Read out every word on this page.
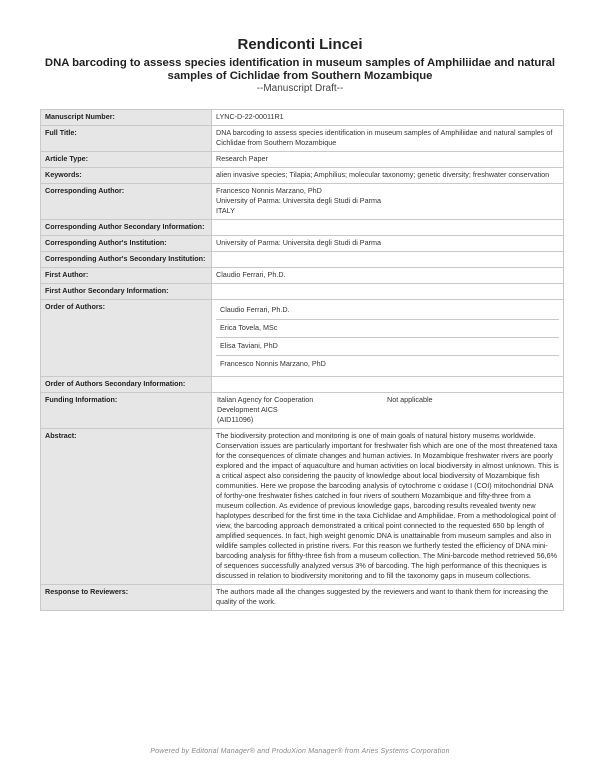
Rendiconti Lincei
DNA barcoding to assess species identification in museum samples of Amphiliidae and natural samples of Cichlidae from Southern Mozambique
--Manuscript Draft--
Manuscript Number:	LYNC-D-22-00011R1
Full Title:	DNA barcoding to assess species identification in museum samples of Amphiliidae and natural samples of Cichlidae from Southern Mozambique
Article Type:	Research Paper
Keywords:	alien invasive species; Tilapia; Amphilius; molecular taxonomy; genetic diversity; freshwater conservation
Corresponding Author:	Francesco Nonnis Marzano, PhD
University of Parma: Universita degli Studi di Parma
ITALY

Corresponding Author Secondary Information:	
Corresponding Author's Institution:	University of Parma: Universita degli Studi di Parma
Corresponding Author's Secondary Institution:	
First Author:	Claudio Ferrari, Ph.D.
First Author Secondary Information:	
Order of Authors:	Claudio Ferrari, Ph.D.
Erica Tovela, MSc
Elisa Taviani, PhD
Francesco Nonnis Marzano, PhD

Order of Authors Secondary Information:	
Funding Information:		Italian Agency for Cooperation Development AICS
(AID11096)
	Not applicable

Abstract:	The biodiversity protection and monitoring is one of main goals of natural history musems worldwide. Conservation issues are particularly important for freshwater fish which are one of the most threatened taxa for the consequences of climate changes and human activies. In Mozambique freshwater rivers are poorly explored and the impact of aquaculture and human activities on local biodiversity in almost unknown. This is a critical aspect also considering the paucity of knowledge about local biodiversity of Mozambique fish communities. Here we propose the barcoding analysis of cytochrome c oxidase I (COI) mitochondrial DNA of forthy-one freshwater fishes catched in four rivers of southern Mozambique and fifty-three from a museum collection. As evidence of previous knowledge gaps, barcoding results revealed twenty new haplotypes described for the first time in the taxa Cichlidae and Amphilidae. From a methodological point of view, the barcoding approach demonstrated a critical point connected to the requested 650 bp length of amplified sequences. In fact, high weight genomic DNA is unattainable from museum samples and also in wildlife samples collected in pristine rivers. For this reason we furtherly tested the efficiency of DNA mini-barcoding analysis for fifthy-three fish from a museum collection. The Mini-barcode method retrieved 56,6% of sequences successfully analyzed versus 3% of barcoding. The high performance of this thecniques is discussed in relation to biodiversity monitoring and to fill the taxonomy gaps in museum collections.
Response to Reviewers:	The authors made all the changes suggested by the reviewers and want to thank them for increasing the quality of the work.
Powered by Editorial Manager® and ProduXion Manager® from Aries Systems Corporation
